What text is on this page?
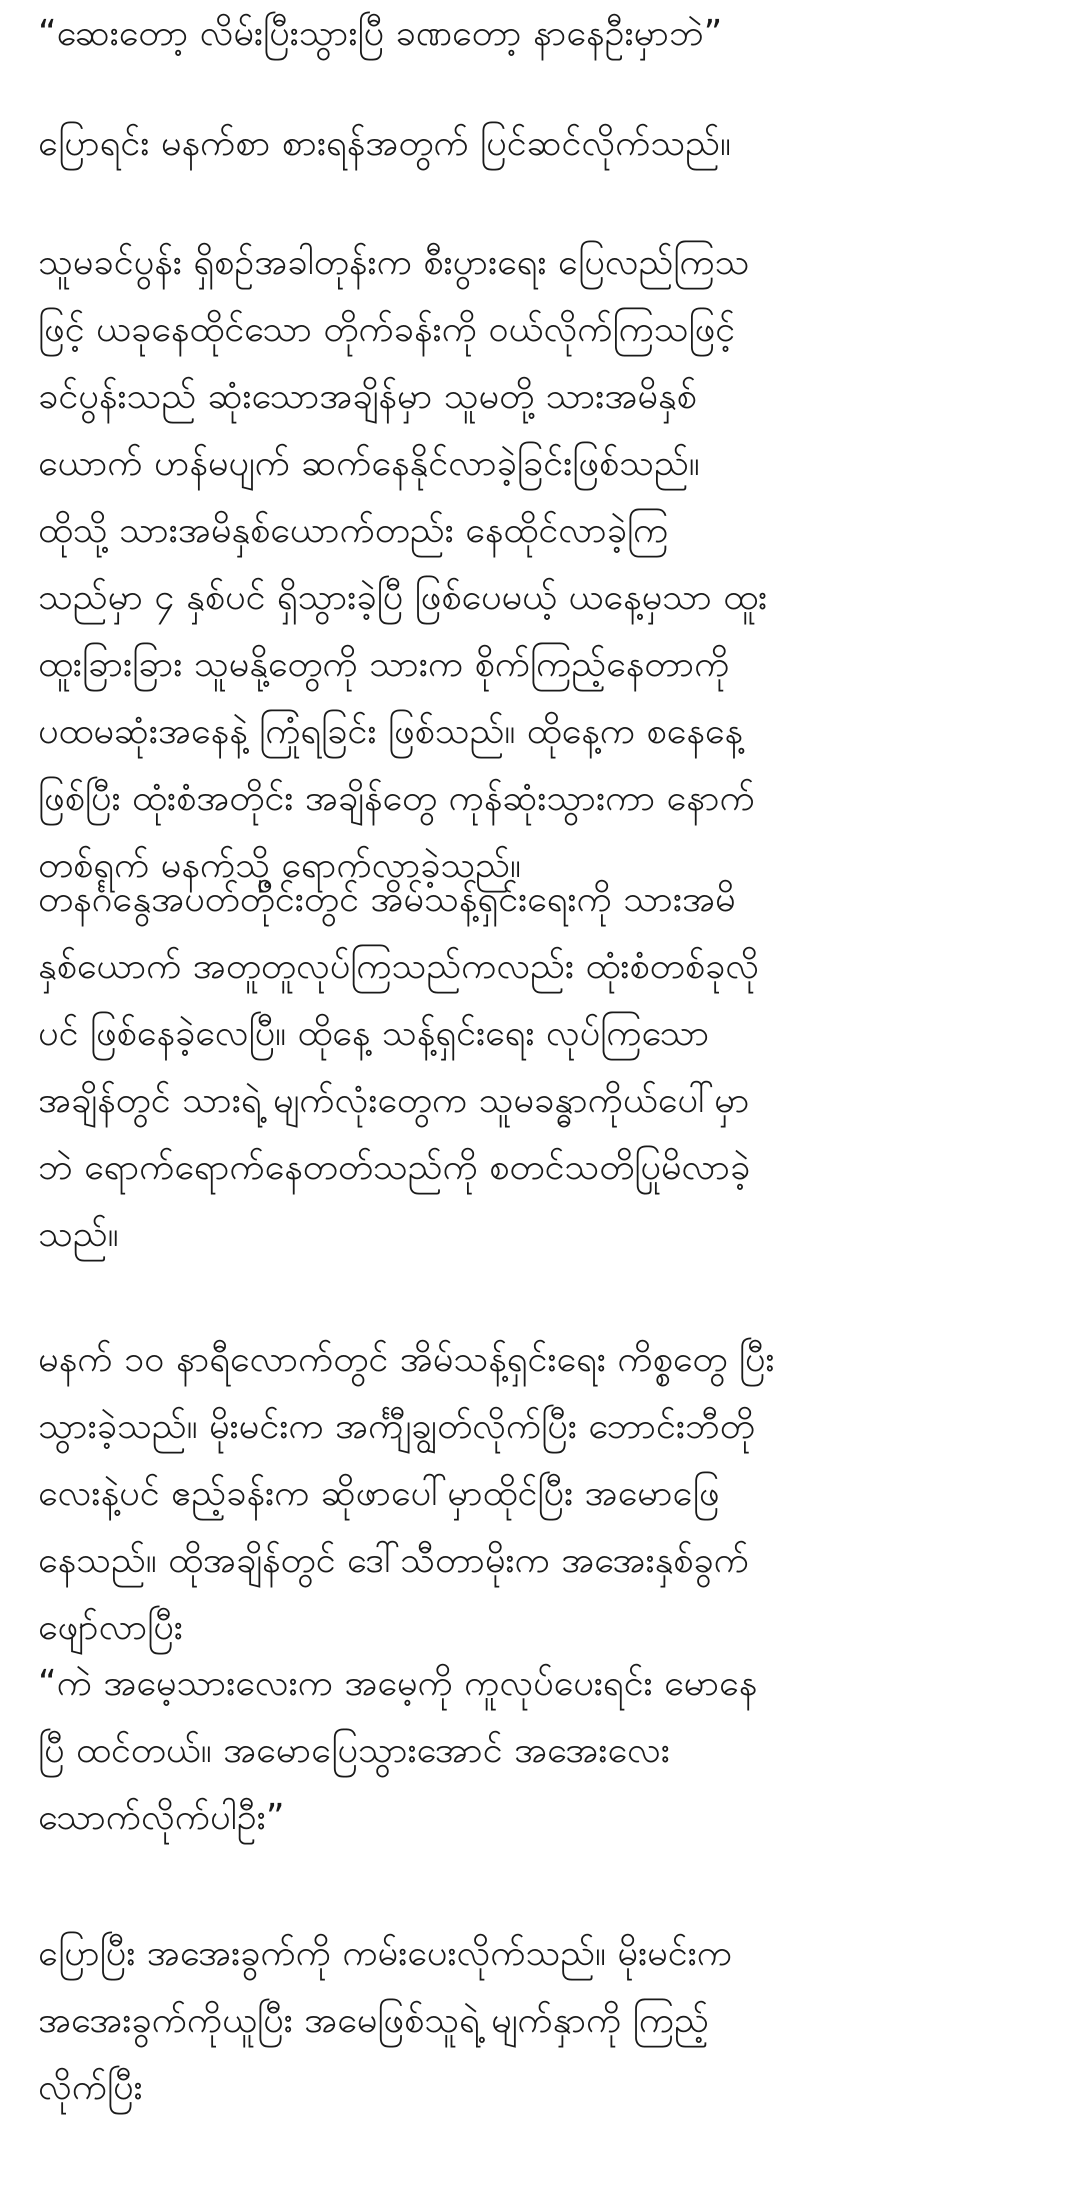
“ဆေးတော့ လိမ်းပြီးသွားပြီ ခဏတော့ နာနေဦးမှာဘဲ”

ပြောရင်း မနက်စာ စားရန်အတွက် ပြင်ဆင်လိုက်သည်။

သူမခင်ပွန်း ရှိစဥ်အခါတုန်းက စီးပွားရေး ပြေလည်ကြသ
ဖြင့် ယခုနေထိုင်သော တိုက်ခန်းကို ဝယ်လိုက်ကြသဖြင့်
ခင်ပွန်းသည် ဆုံးသောအချိန်မှာ သူမတို့ သားအမိနှစ်
ယောက် ဟန်မပျက် ဆက်နေနိုင်လာခဲ့ခြင်းဖြစ်သည်။
ထိုသို့ သားအမိနှစ်ယောက်တည်း နေထိုင်လာခဲ့ကြ
သည်မှာ ၄ နှစ်ပင် ရှိသွားခဲ့ပြီ ဖြစ်ပေမယ့် ယနေ့မှသာ ထူး
ထူးခြားခြား သူမနို့တွေကို သားက စိုက်ကြည့်နေတာကို
ပထမဆုံးအနေနဲ့ ကြုံရခြင်း ဖြစ်သည်။ ထိုနေ့က စနေနေ့
ဖြစ်ပြီး ထုံးစံအတိုင်း အချိန်တွေ ကုန်ဆုံးသွားကာ နောက်
တစ်ရက် မနက်သို့ ရောက်လာခဲ့သည်။

တနင်္ဂနွေအပတ်တိုင်းတွင် အိမ်သန့်ရှင်းရေးကို သားအမိ
နှစ်ယောက် အတူတူလုပ်ကြသည်ကလည်း ထုံးစံတစ်ခုလို
ပင် ဖြစ်နေခဲ့လေပြီ။ ထိုနေ့ သန့်ရှင်းရေး လုပ်ကြသော
အချိန်တွင် သားရဲ့ မျက်လုံးတွေက သူမခန္ဓာကိုယ်ပေါ်မှာ
ဘဲ ရောက်ရောက်နေတတ်သည်ကို စတင်သတိပြုမိလာခဲ့
သည်။

မနက် ၁၀ နာရီလောက်တွင် အိမ်သန့်ရှင်းရေး ကိစ္စတွေ ပြီး
သွားခဲ့သည်။ မိုးမင်းက အင်္ကျီချွတ်လိုက်ပြီး ဘောင်းဘီတို
လေးနဲ့ပင် ဧည့်ခန်းက ဆိုဖာပေါ်မှာထိုင်ပြီး အမောဖြေ
နေသည်။ ထိုအချိန်တွင် ဒေါ်သီတာမိုးက အအေးနှစ်ခွက်
ဖျော်လာပြီး

“ကဲ အမေ့သားလေးက အမေ့ကို ကူလုပ်ပေးရင်း မောနေ
ပြီ ထင်တယ်။ အမောပြေသွားအောင် အအေးလေး
သောက်လိုက်ပါဦး”

ပြောပြီး အအေးခွက်ကို ကမ်းပေးလိုက်သည်။ မိုးမင်းက
အအေးခွက်ကိုယူပြီး အမေဖြစ်သူရဲ့ မျက်နှာကို ကြည့်
လိုက်ပြီး
